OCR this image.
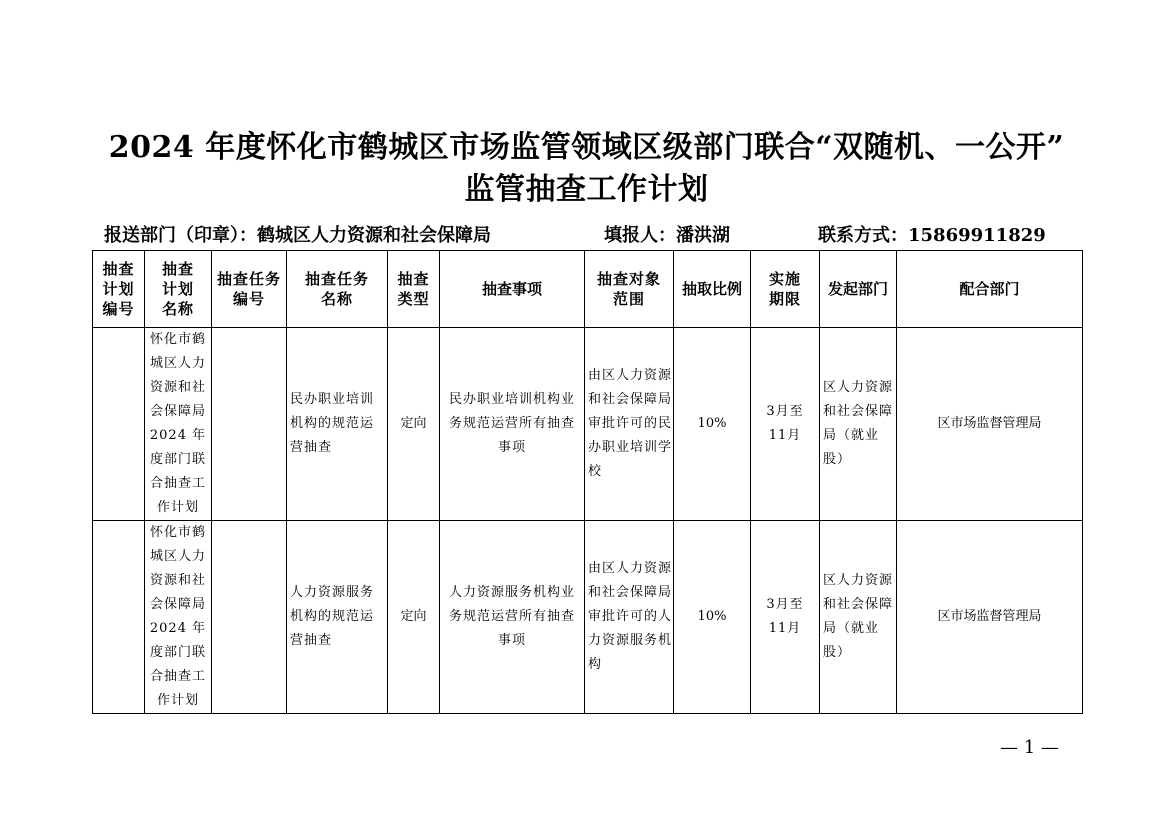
2024 年度怀化市鹤城区市场监管领域区级部门联合“双随机、一公开”
监管抽查工作计划
报送部门（印章）：鹤城区人力资源和社会保障局	填报人：潘洪湖	联系方式：15869911829
抽查计划编号	抽查计划名称	抽查任务编号	抽查任务名称	抽查类型	抽查事项	抽查对象范围	抽取比例	实施期限	发起部门	配合部门
	怀化市鹤城区人力资源和社会保障局2024 年度部门联合抽查工作计划		民办职业培训机构的规范运营抽查	定向	民办职业培训机构业务规范运营所有抽查事项	由区人力资源和社会保障局审批许可的民办职业培训学校	10%	3月至11月	区人力资源和社会保障局（就业股）	区市场监督管理局
	怀化市鹤城区人力资源和社会保障局2024 年度部门联合抽查工作计划		人力资源服务机构的规范运营抽查	定向	人力资源服务机构业务规范运营所有抽查事项	由区人力资源和社会保障局审批许可的人力资源服务机构	10%	3月至11月	区人力资源和社会保障局（就业股）	区市场监督管理局
— 1 —
